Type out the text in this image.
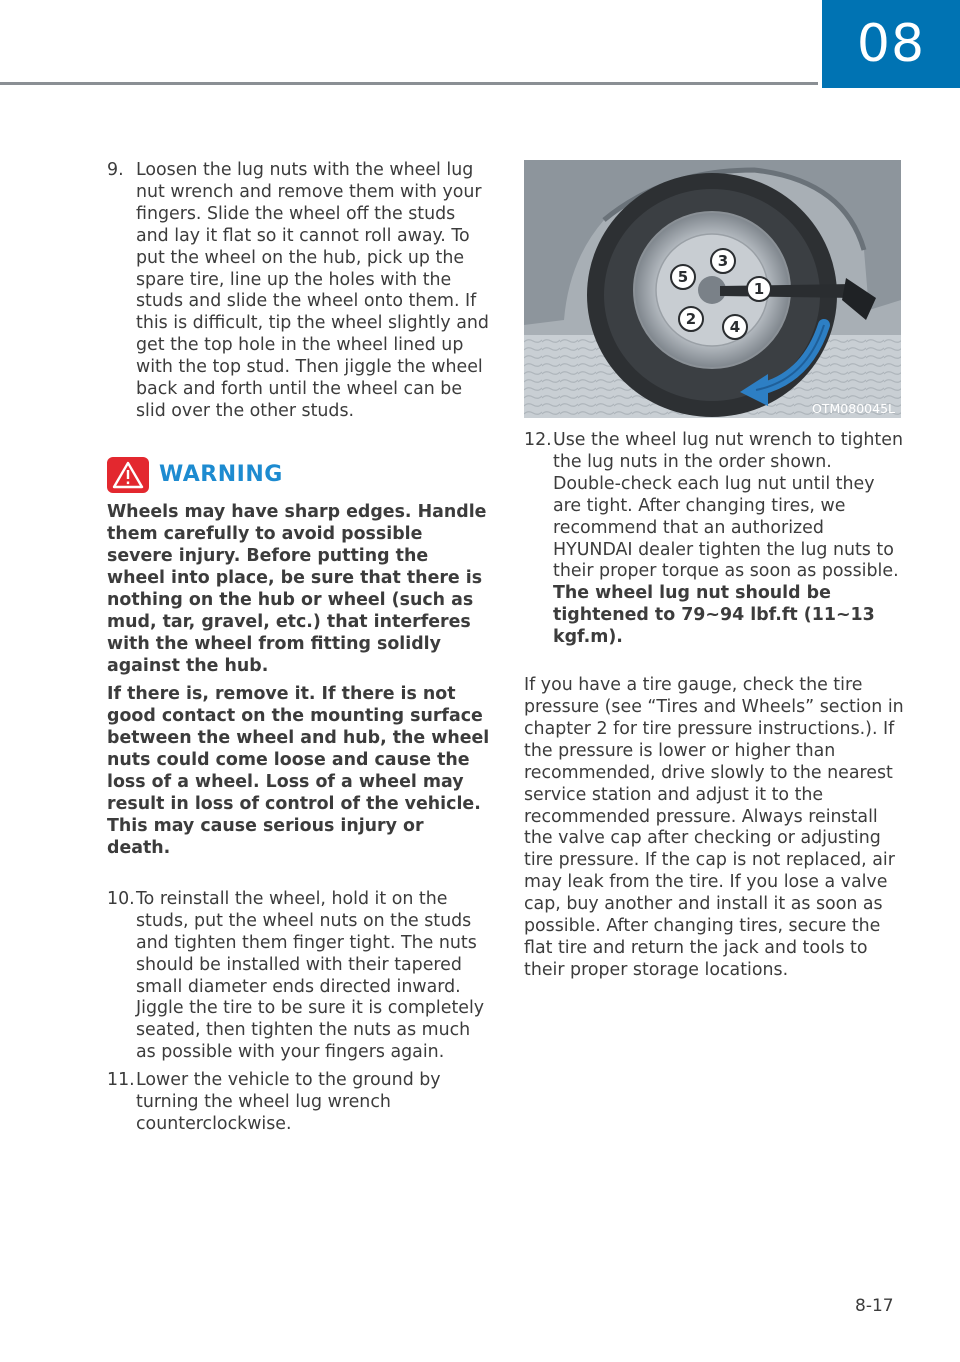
08
9. Loosen the lug nuts with the wheel lug nut wrench and remove them with your fingers. Slide the wheel off the studs and lay it flat so it cannot roll away. To put the wheel on the hub, pick up the spare tire, line up the holes with the studs and slide the wheel onto them. If this is difficult, tip the wheel slightly and get the top hole in the wheel lined up with the top stud. Then jiggle the wheel back and forth until the wheel can be slid over the other studs.
WARNING

Wheels may have sharp edges. Handle them carefully to avoid possible severe injury. Before putting the wheel into place, be sure that there is nothing on the hub or wheel (such as mud, tar, gravel, etc.) that interferes with the wheel from fitting solidly against the hub.

If there is, remove it. If there is not good contact on the mounting surface between the wheel and hub, the wheel nuts could come loose and cause the loss of a wheel. Loss of a wheel may result in loss of control of the vehicle. This may cause serious injury or death.

10. To reinstall the wheel, hold it on the studs, put the wheel nuts on the studs and tighten them finger tight. The nuts should be installed with their tapered small diameter ends directed inward. Jiggle the tire to be sure it is completely seated, then tighten the nuts as much as possible with your fingers again.
11. Lower the vehicle to the ground by turning the wheel lug wrench counterclockwise.
1
2
3
4
5
OTM080045L
12. Use the wheel lug nut wrench to tighten the lug nuts in the order shown. Double-check each lug nut until they are tight. After changing tires, we recommend that an authorized HYUNDAI dealer tighten the lug nuts to their proper torque as soon as possible. The wheel lug nut should be tightened to 79~94 lbf.ft (11~13 kgf.m).

If you have a tire gauge, check the tire pressure (see “Tires and Wheels” section in chapter 2 for tire pressure instructions.). If the pressure is lower or higher than recommended, drive slowly to the nearest service station and adjust it to the recommended pressure. Always reinstall the valve cap after checking or adjusting tire pressure. If the cap is not replaced, air may leak from the tire. If you lose a valve cap, buy another and install it as soon as possible. After changing tires, secure the flat tire and return the jack and tools to their proper storage locations.

8-17
